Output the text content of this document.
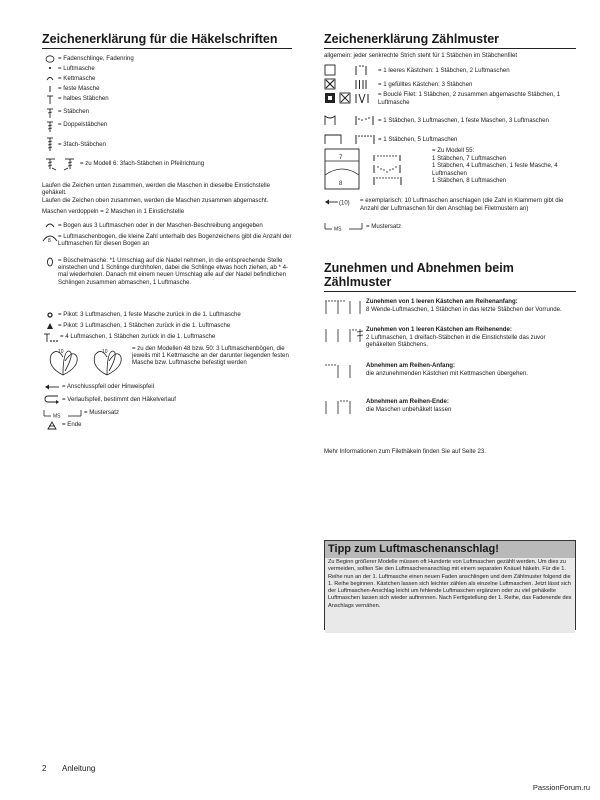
Zeichenerklärung für die Häkelschriften
= Fadenschlinge, Fadenring
= Luftmasche
= Kettmasche
= feste Masche
= halbes Stäbchen
= Stäbchen
= Doppelstäbchen
= 3fach-Stäbchen
= zu Modell 6: 3fach-Stäbchen in Pfeilrichtung

Laufen die Zeichen unten zusammen, werden die Maschen in dieselbe Einstichstelle gehäkelt.

Laufen die Zeichen oben zusammen, werden die Maschen zusammen abgemascht.

Maschen verdoppeln = 2 Maschen in 1 Einstichstelle

= Bogen aus 3 Luftmaschen oder in der Maschen-Beschreibung angegeben
8
= Luftmaschenbogen, die kleine Zahl unterhalb des Bogenzeichens gibt die Anzahl der Luftmaschen für diesen Bogen an
= Büschelmasche: *1 Umschlag auf die Nadel nehmen, in die entsprechende Stelle einstechen und 1 Schlinge durchholen, dabei die Schlinge etwas hoch ziehen, ab * 4-mal wiederholen. Danach mit einem neuen Umschlag alle auf der Nadel befindlichen Schlingen zusammen abmaschen, 1 Luftmasche.
= Pikot: 3 Luftmaschen, 1 feste Masche zurück in die 1. Luftmasche
= Pikot: 3 Luftmaschen, 1 Stäbchen zurück in die 1. Luftmasche
= 4 Luftmaschen, 1 Stäbchen zurück in die 1. Luftmasche
10	10	= zu den Modellen 48 bzw. 50: 3 Luftmaschenbögen, die jeweils mit 1 Kettmasche an der darunter liegenden festen Masche bzw. Luftmasche befestigt werden
= Anschlusspfeil oder Hinweispfeil
= Verlaufspfeil, bestimmt den Häkelverlauf
MS	= Mustersatz
= Ende
Zeichenerklärung Zählmuster

allgemein: jeder senkrechte Strich steht für 1 Stäbchen im Stäbchenfilet

= 1 leeres Kästchen: 1 Stäbchen, 2 Luftmaschen
= 1 gefülltes Kästchen: 3 Stäbchen
= Bouclé Filet: 1 Stäbchen, 2 zusammen abgemaschte Stäbchen, 1 Luftmasche
= 1 Stäbchen, 3 Luftmaschen, 1 feste Maschen, 3 Luftmaschen
= 1 Stäbchen, 5 Luftmaschen
7
8
= Zu Modell 55:
1 Stäbchen, 7 Luftmaschen
1 Stäbchen, 4 Luftmaschen, 1 feste Masche, 4 Luftmaschen
1 Stäbchen, 8 Luftmaschen
(10) = exemplarisch: 10 Luftmaschen anschlagen (die Zahl in Klammern gibt die Anzahl der Luftmaschen für den Anschlag bei Filetmustern an)
MS	= Mustersatz
Zunehmen und Abnehmen beim Zählmuster
Zunehmen von 1 leeren Kästchen am Reihenanfang:
8 Wende-Luftmaschen, 1 Stäbchen in das letzte Stäbchen der Vorrunde.
Zunehmen von 1 leeren Kästchen am Reihenende:
2 Luftmaschen, 1 dreifach-Stäbchen in die Einstichstelle das zuvor gehäkelten Stäbchens.
Abnehmen am Reihen-Anfang:
die anzunehmenden Kästchen mit Kettmaschen übergehen.
Abnehmen am Reihen-Ende:
die Maschen unbehäkelt lassen

Mehr Informationen zum Filethäkeln finden Sie auf Seite 23.

Tipp zum Luftmaschenanschlag!
Zu Beginn größerer Modelle müssen oft Hunderte von Luftmaschen gezählt werden. Um dies zu vermeiden, sollten Sie den Luftmaschenanschlag mit einem separaten Knäuel häkeln. Für die 1. Reihe nun an der 1. Luftmasche einen neuen Faden anschlingen und dem Zählmuster folgend die 1. Reihe beginnen. Kästchen lassen sich leichter zählen als einzelne Luftmaschen. Jetzt lässt sich der Luftmaschen-Anschlag leicht um fehlende Luftmaschen ergänzen oder zu viel gehäkelte Luftmaschen lassen sich wieder auftrennen. Nach Fertigstellung der 1. Reihe, das Fadenende des Anschlags vernähen.
2 Anleitung
PassionForum.ru
